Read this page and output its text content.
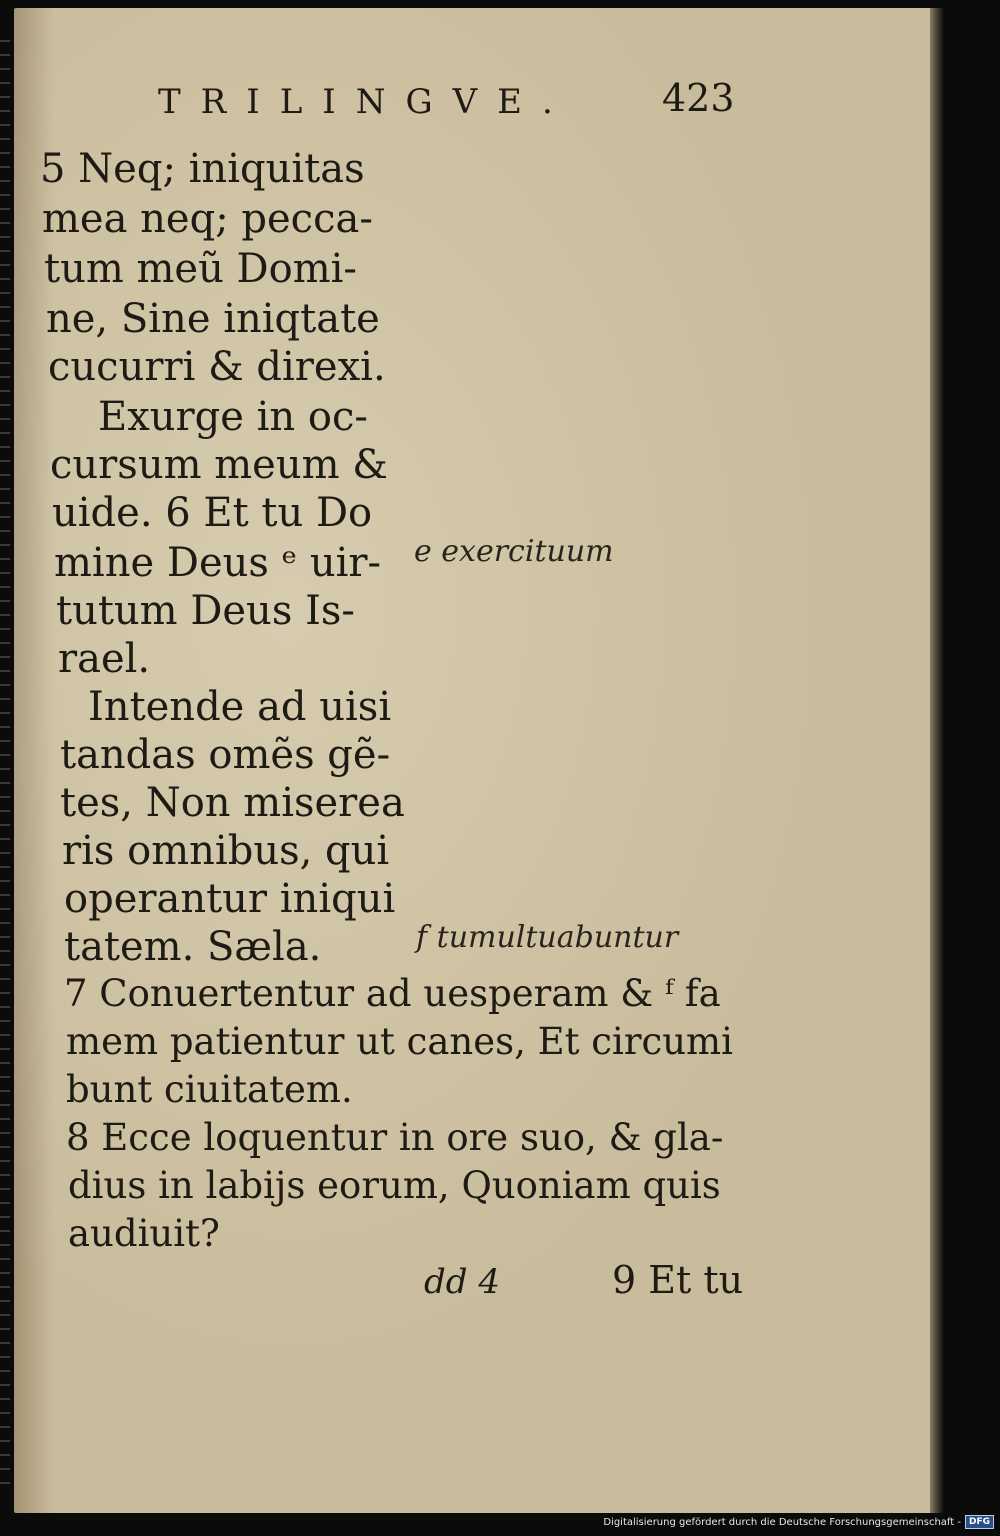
TRILINGVE. 423
5 Neq; iniquitas
mea neq; pecca-
tum meũ Domi-
ne, Sine iniqtate
cucurri & direxi.
Exurge in oc-
cursum meum &
uide. 6 Et tu Do
mine Deus ᵉ uir-
tutum Deus Is-
rael.
Intende ad uisi
tandas omẽs gẽ-
tes, Non miserea
ris omnibus, qui
operantur iniqui
tatem. Sæla.
7 Conuertentur ad uesperam & ᶠ fa
mem patientur ut canes, Et circumi
bunt ciuitatem.
8 Ecce loquentur in ore suo, & gla-
dius in labijs eorum, Quoniam quis
audiuit?
e exercituum
f tumultuabuntur
dd 4	9 Et tu
Digitalisierung gefördert durch die Deutsche Forschungsgemeinschaft - DFG
